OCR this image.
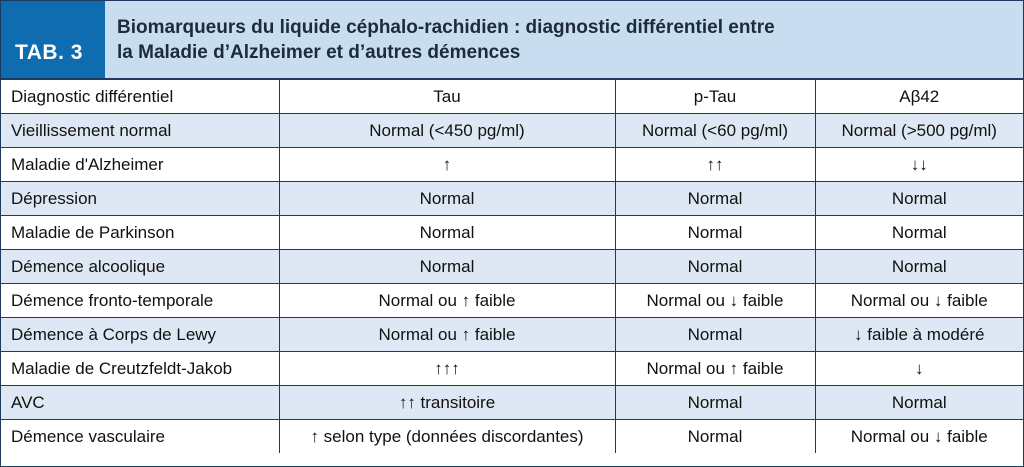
TAB. 3
Biomarqueurs du liquide céphalo-rachidien : diagnostic différentiel entre
la Maladie d’Alzheimer et d’autres démences
Diagnostic différentiel	Tau	p-Tau	Aβ42
Vieillissement normal	Normal (<450 pg/ml)	Normal (<60 pg/ml)	Normal (>500 pg/ml)
Maladie d'Alzheimer	↑	↑↑	↓↓
Dépression	Normal	Normal	Normal
Maladie de Parkinson	Normal	Normal	Normal
Démence alcoolique	Normal	Normal	Normal
Démence fronto-temporale	Normal ou ↑ faible	Normal ou ↓ faible	Normal ou ↓ faible
Démence à Corps de Lewy	Normal ou ↑ faible	Normal	↓ faible à modéré
Maladie de Creutzfeldt-Jakob	↑↑↑	Normal ou ↑ faible	↓
AVC	↑↑ transitoire	Normal	Normal
Démence vasculaire	↑ selon type (données discordantes)	Normal	Normal ou ↓ faible
